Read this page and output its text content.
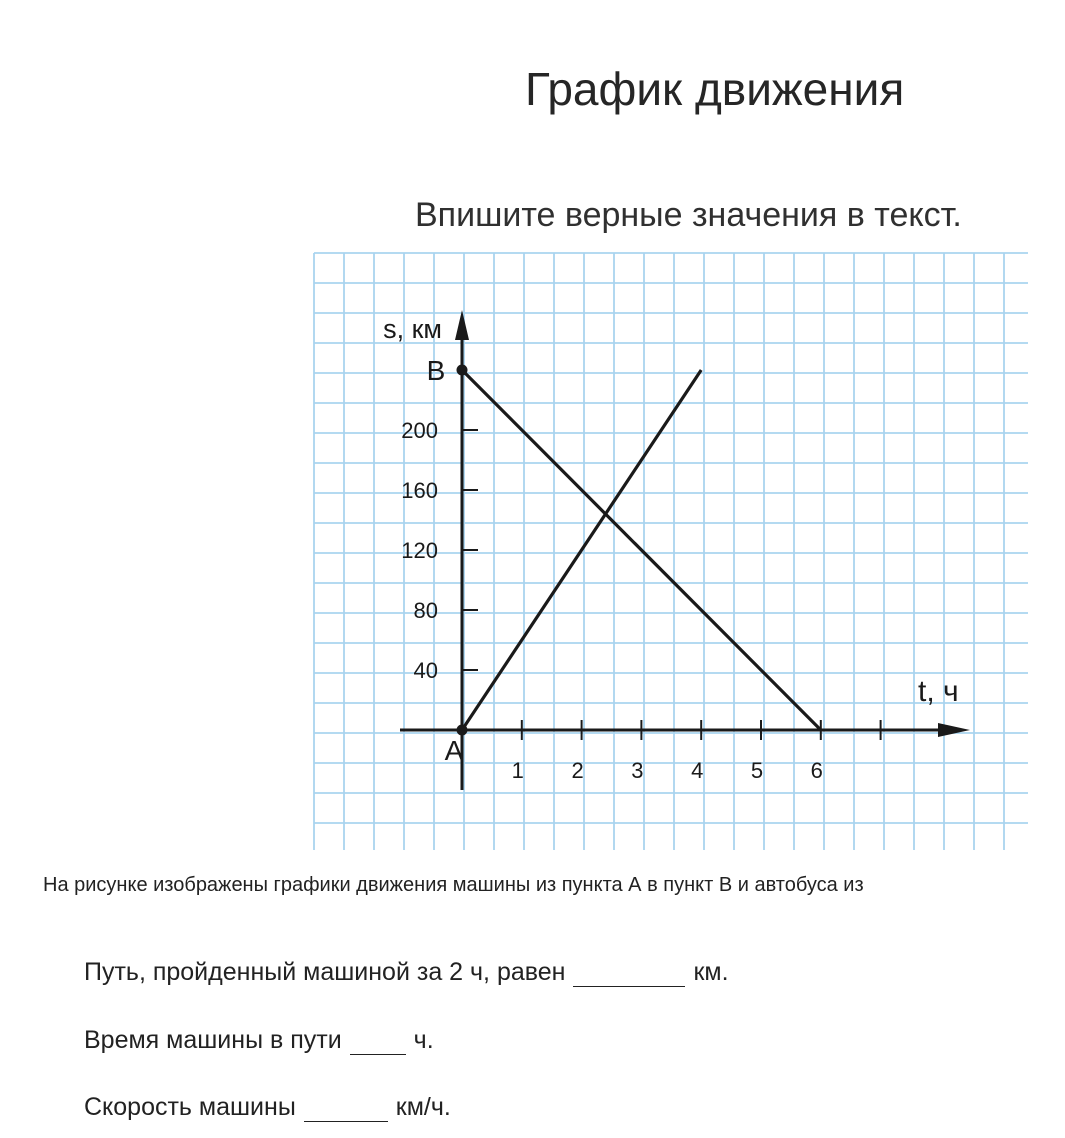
График движения
Впишите верные значения в текст.
1 2 3 4 5 6
40
80
120
160
200
s, км
t, ч
A
B
На рисунке изображены графики движения машины из пункта А в пункт В и автобуса из
Путь, пройденный машиной за 2 ч, равен	км.
Время машины в пути	ч.
Скорость машины	км/ч.
